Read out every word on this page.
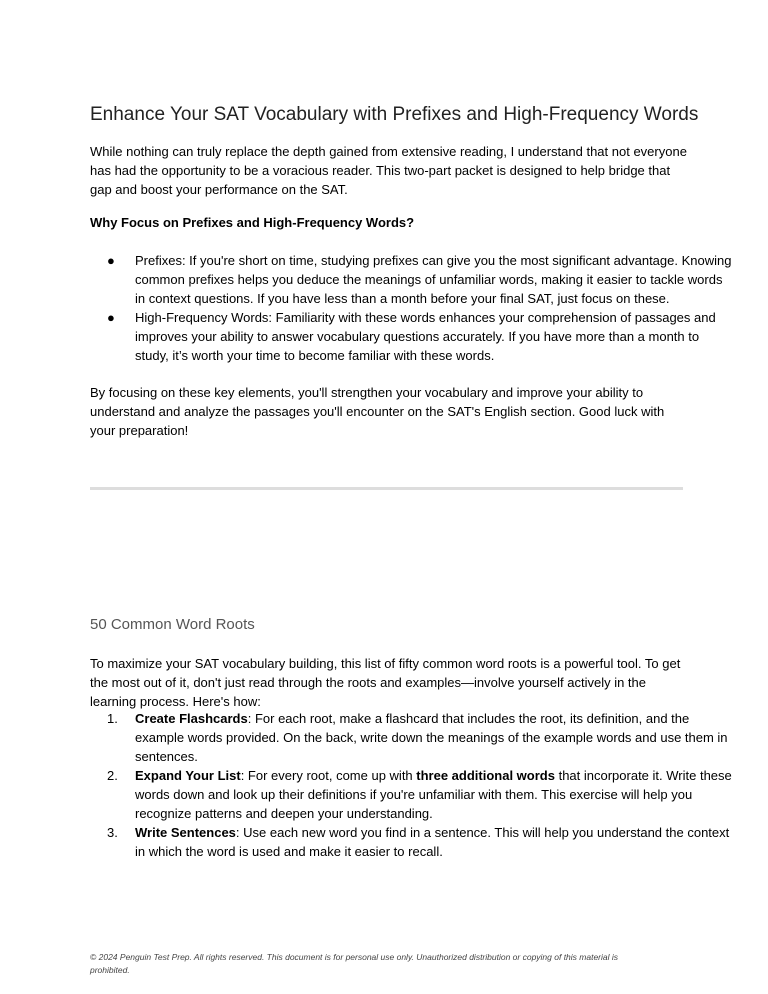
Enhance Your SAT Vocabulary with Prefixes and High-Frequency Words

While nothing can truly replace the depth gained from extensive reading, I understand that not everyone has had the opportunity to be a voracious reader. This two-part packet is designed to help bridge that gap and boost your performance on the SAT.

Why Focus on Prefixes and High-Frequency Words?
● Prefixes: If you're short on time, studying prefixes can give you the most significant advantage. Knowing common prefixes helps you deduce the meanings of unfamiliar words, making it easier to tackle words in context questions. If you have less than a month before your final SAT, just focus on these.
● High-Frequency Words: Familiarity with these words enhances your comprehension of passages and improves your ability to answer vocabulary questions accurately. If you have more than a month to study, it’s worth your time to become familiar with these words.

By focusing on these key elements, you'll strengthen your vocabulary and improve your ability to understand and analyze the passages you'll encounter on the SAT's English section. Good luck with your preparation!

50 Common Word Roots

To maximize your SAT vocabulary building, this list of fifty common word roots is a powerful tool. To get the most out of it, don't just read through the roots and examples—involve yourself actively in the learning process. Here's how:

1. Create Flashcards: For each root, make a flashcard that includes the root, its definition, and the example words provided. On the back, write down the meanings of the example words and use them in sentences.
2. Expand Your List: For every root, come up with three additional words that incorporate it. Write these words down and look up their definitions if you're unfamiliar with them. This exercise will help you recognize patterns and deepen your understanding.
3. Write Sentences: Use each new word you find in a sentence. This will help you understand the context in which the word is used and make it easier to recall.
© 2024 Penguin Test Prep. All rights reserved. This document is for personal use only. Unauthorized distribution or copying of this material is prohibited.
